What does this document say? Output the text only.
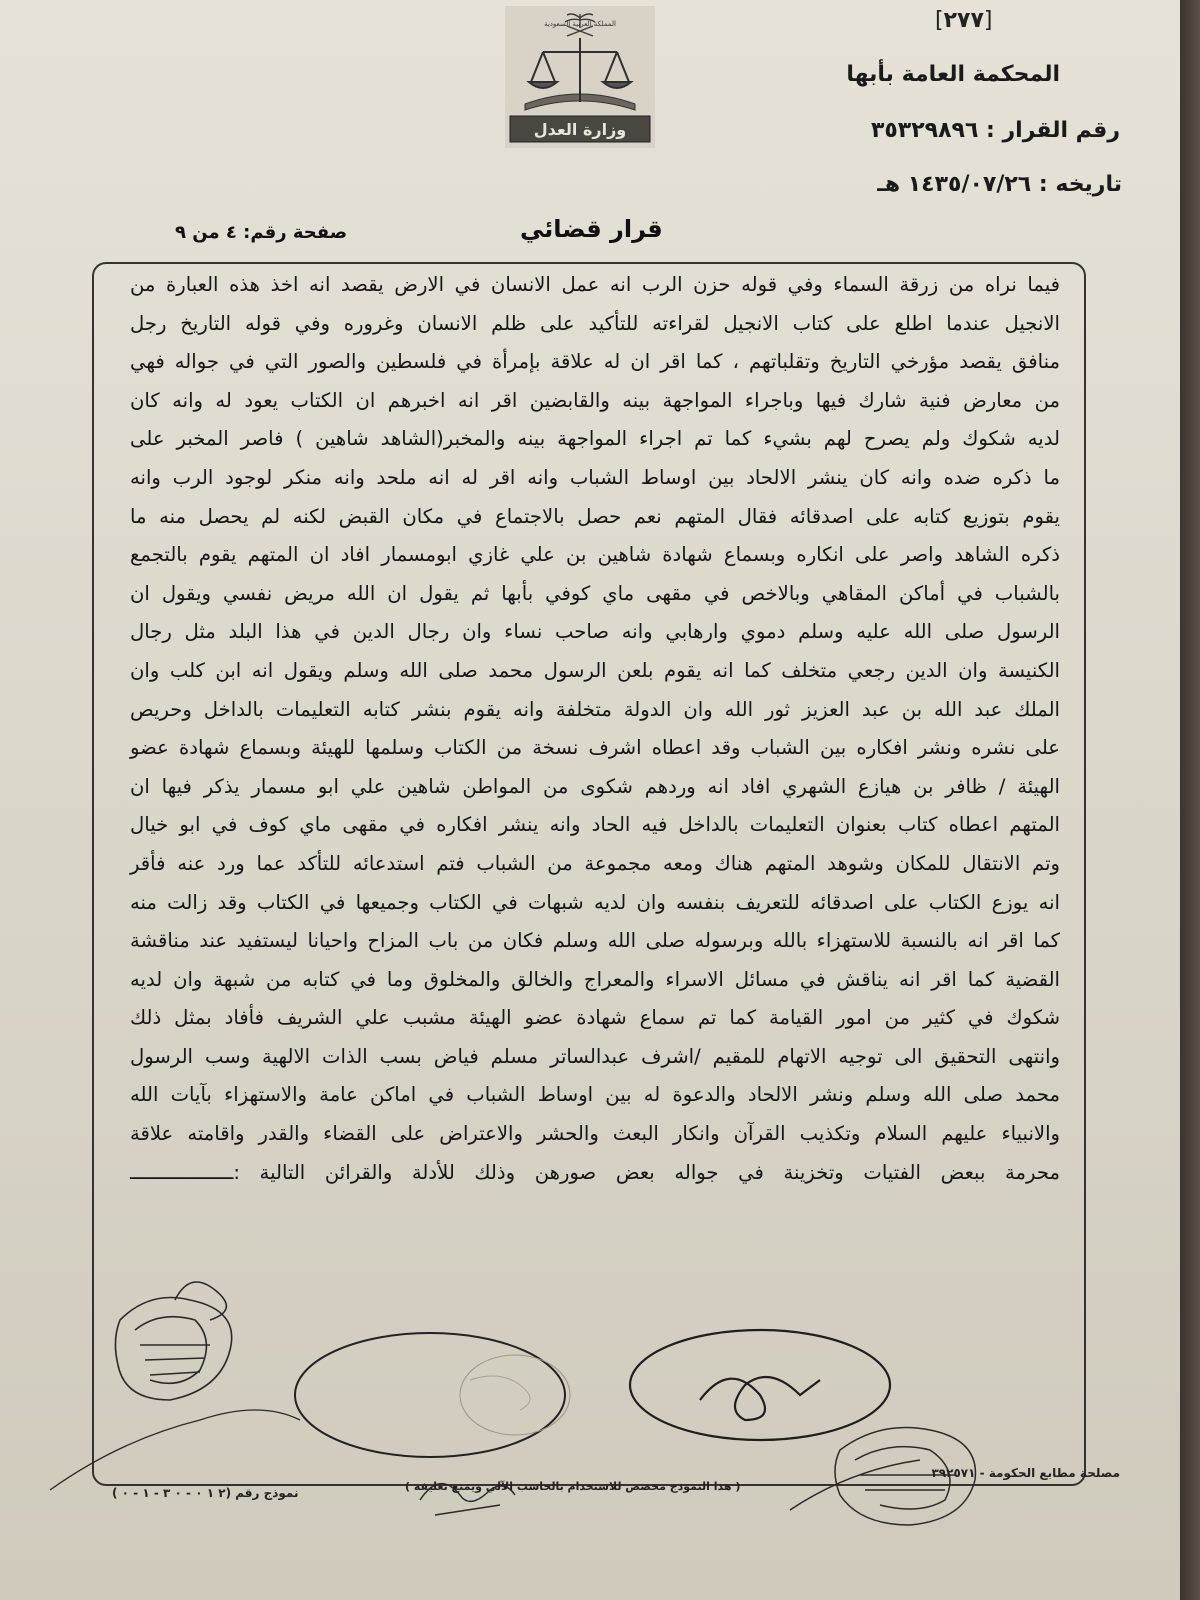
[٢٧٧]
وزارة العدل
المملكة العربية السعودية
المحكمة العامة بأبها
رقم القرار : ٣٥٣٢٩٨٩٦
تاريخه : ١٤٣٥/٠٧/٢٦ هـ
قرار قضائي
صفحة رقم: ٤ من ٩
فيما نراه من زرقة السماء وفي قوله حزن الرب انه عمل الانسان في الارض يقصد انه اخذ هذه العبارة من
الانجيل عندما اطلع على كتاب الانجيل لقراءته للتأكيد على ظلم الانسان وغروره وفي قوله التاريخ رجل
منافق يقصد مؤرخي التاريخ وتقلباتهم ، كما اقر ان له علاقة بإمرأة في فلسطين والصور التي في جواله فهي
من معارض فنية شارك فيها وباجراء المواجهة بينه والقابضين اقر انه اخبرهم ان الكتاب يعود له وانه كان
لديه شكوك ولم يصرح لهم بشيء كما تم اجراء المواجهة بينه والمخبر(الشاهد شاهين ) فاصر المخبر على
ما ذكره ضده وانه كان ينشر الالحاد بين اوساط الشباب وانه اقر له انه ملحد وانه منكر لوجود الرب وانه
يقوم بتوزيع كتابه على اصدقائه فقال المتهم نعم حصل بالاجتماع في مكان القبض لكنه لم يحصل منه ما
ذكره الشاهد واصر على انكاره وبسماع شهادة شاهين بن علي غازي ابومسمار افاد ان المتهم يقوم بالتجمع
بالشباب في أماكن المقاهي وبالاخص في مقهى ماي كوفي بأبها ثم يقول ان الله مريض نفسي ويقول ان
الرسول صلى الله عليه وسلم دموي وارهابي وانه صاحب نساء وان رجال الدين في هذا البلد مثل رجال
الكنيسة وان الدين رجعي متخلف كما انه يقوم بلعن الرسول محمد صلى الله وسلم ويقول انه ابن كلب وان
الملك عبد الله بن عبد العزيز ثور الله وان الدولة متخلفة وانه يقوم بنشر كتابه التعليمات بالداخل وحريص
على نشره ونشر افكاره بين الشباب وقد اعطاه اشرف نسخة من الكتاب وسلمها للهيئة وبسماع شهادة عضو
الهيئة / ظافر بن هيازع الشهري افاد انه وردهم شكوى من المواطن شاهين علي ابو مسمار يذكر فيها ان
المتهم اعطاه كتاب بعنوان التعليمات بالداخل فيه الحاد وانه ينشر افكاره في مقهى ماي كوف في ابو خيال
وتم الانتقال للمكان وشوهد المتهم هناك ومعه مجموعة من الشباب فتم استدعائه للتأكد عما ورد عنه فأقر
انه يوزع الكتاب على اصدقائه للتعريف بنفسه وان لديه شبهات في الكتاب وجميعها في الكتاب وقد زالت منه
كما اقر انه بالنسبة للاستهزاء بالله وبرسوله صلى الله وسلم فكان من باب المزاح واحيانا ليستفيد عند مناقشة
القضية كما اقر انه يناقش في مسائل الاسراء والمعراج والخالق والمخلوق وما في كتابه من شبهة وان لديه
شكوك في كثير من امور القيامة كما تم سماع شهادة عضو الهيئة مشبب علي الشريف فأفاد بمثل ذلك
وانتهى التحقيق الى توجيه الاتهام للمقيم /اشرف عبدالساتر مسلم فياض بسب الذات الالهية وسب الرسول
محمد صلى الله وسلم ونشر الالحاد والدعوة له بين اوساط الشباب في اماكن عامة والاستهزاء بآيات الله
والانبياء عليهم السلام وتكذيب القرآن وانكار البعث والحشر والاعتراض على القضاء والقدر واقامته علاقة
محرمة ببعض الفتيات وتخزينة في جواله بعض صورهن وذلك للأدلة والقرائن التالية :ــــــــــــــــــ
مصلحة مطابع الحكومة - ٣٩٢٥٧١
( هذا النموذج مخصص للاستخدام بالحاسب الآلي ويمنع تغليفه )
نموذج رقم (٢ ١ ٠ - ٠ ٣ - ١ - ٠ )
